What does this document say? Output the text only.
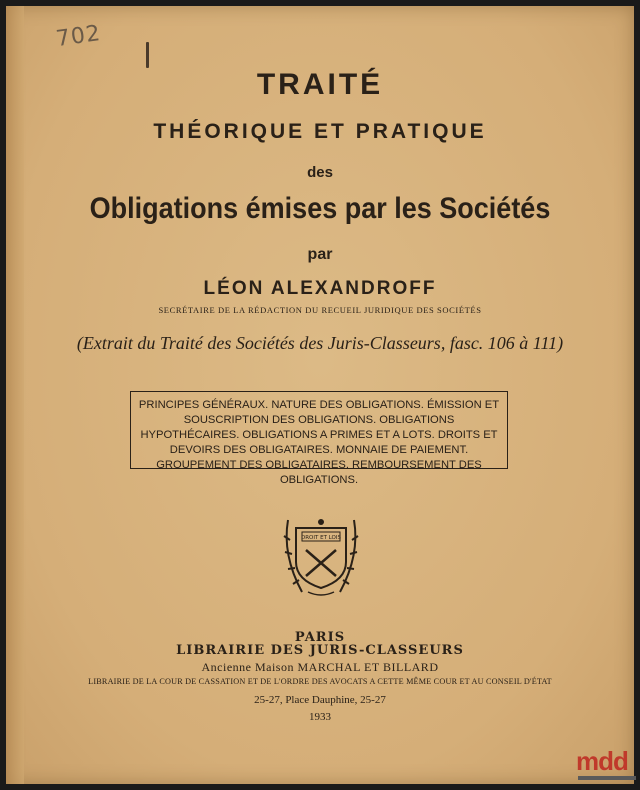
702
TRAITÉ
THÉORIQUE ET PRATIQUE
des
Obligations émises par les Sociétés
par
LÉON ALEXANDROFF
SECRÉTAIRE DE LA RÉDACTION DU RECUEIL JURIDIQUE DES SOCIÉTÉS
(Extrait du Traité des Sociétés des Juris-Classeurs, fasc. 106 à 111)
PRINCIPES GÉNÉRAUX. NATURE DES OBLIGATIONS. ÉMISSION ET SOUSCRIPTION DES OBLIGATIONS. OBLIGATIONS HYPOTHÉCAIRES. OBLIGATIONS A PRIMES ET A LOTS. DROITS ET DEVOIRS DES OBLIGATAIRES. MONNAIE DE PAIEMENT. GROUPEMENT DES OBLIGATAIRES. REMBOURSEMENT DES OBLIGATIONS.
DROIT ET LOIS
PARIS
LIBRAIRIE DES JURIS-CLASSEURS
Ancienne Maison MARCHAL ET BILLARD
LIBRAIRIE DE LA COUR DE CASSATION ET DE L'ORDRE DES AVOCATS A CETTE MÊME COUR ET AU CONSEIL D'ÉTAT
25-27, Place Dauphine, 25-27
1933
mdd
